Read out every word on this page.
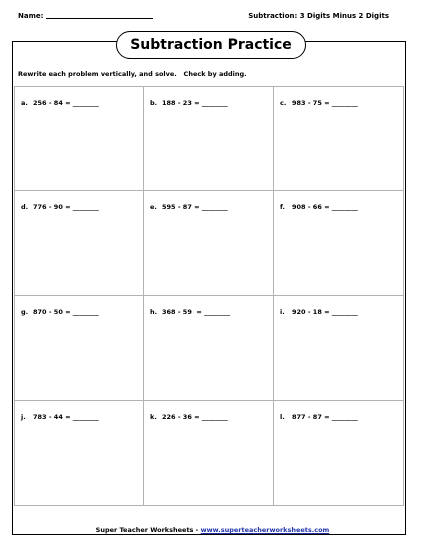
Name:	Subtraction: 3 Digits Minus 2 Digits
Subtraction Practice
Rewrite each problem vertically, and solve.   Check by adding.
a. 256 - 84 = ________	b. 188 - 23 = ________	c. 983 - 75 = ________
d. 776 - 90 = ________	e. 595 - 87 = ________	f. 908 - 66 = ________
g. 870 - 50 = ________	h. 368 - 59  = ________	i. 920 - 18 = ________
j. 783 - 44 = ________	k. 226 - 36 = ________	l. 877 - 87 = ________
Super Teacher Worksheets - www.superteacherworksheets.com
